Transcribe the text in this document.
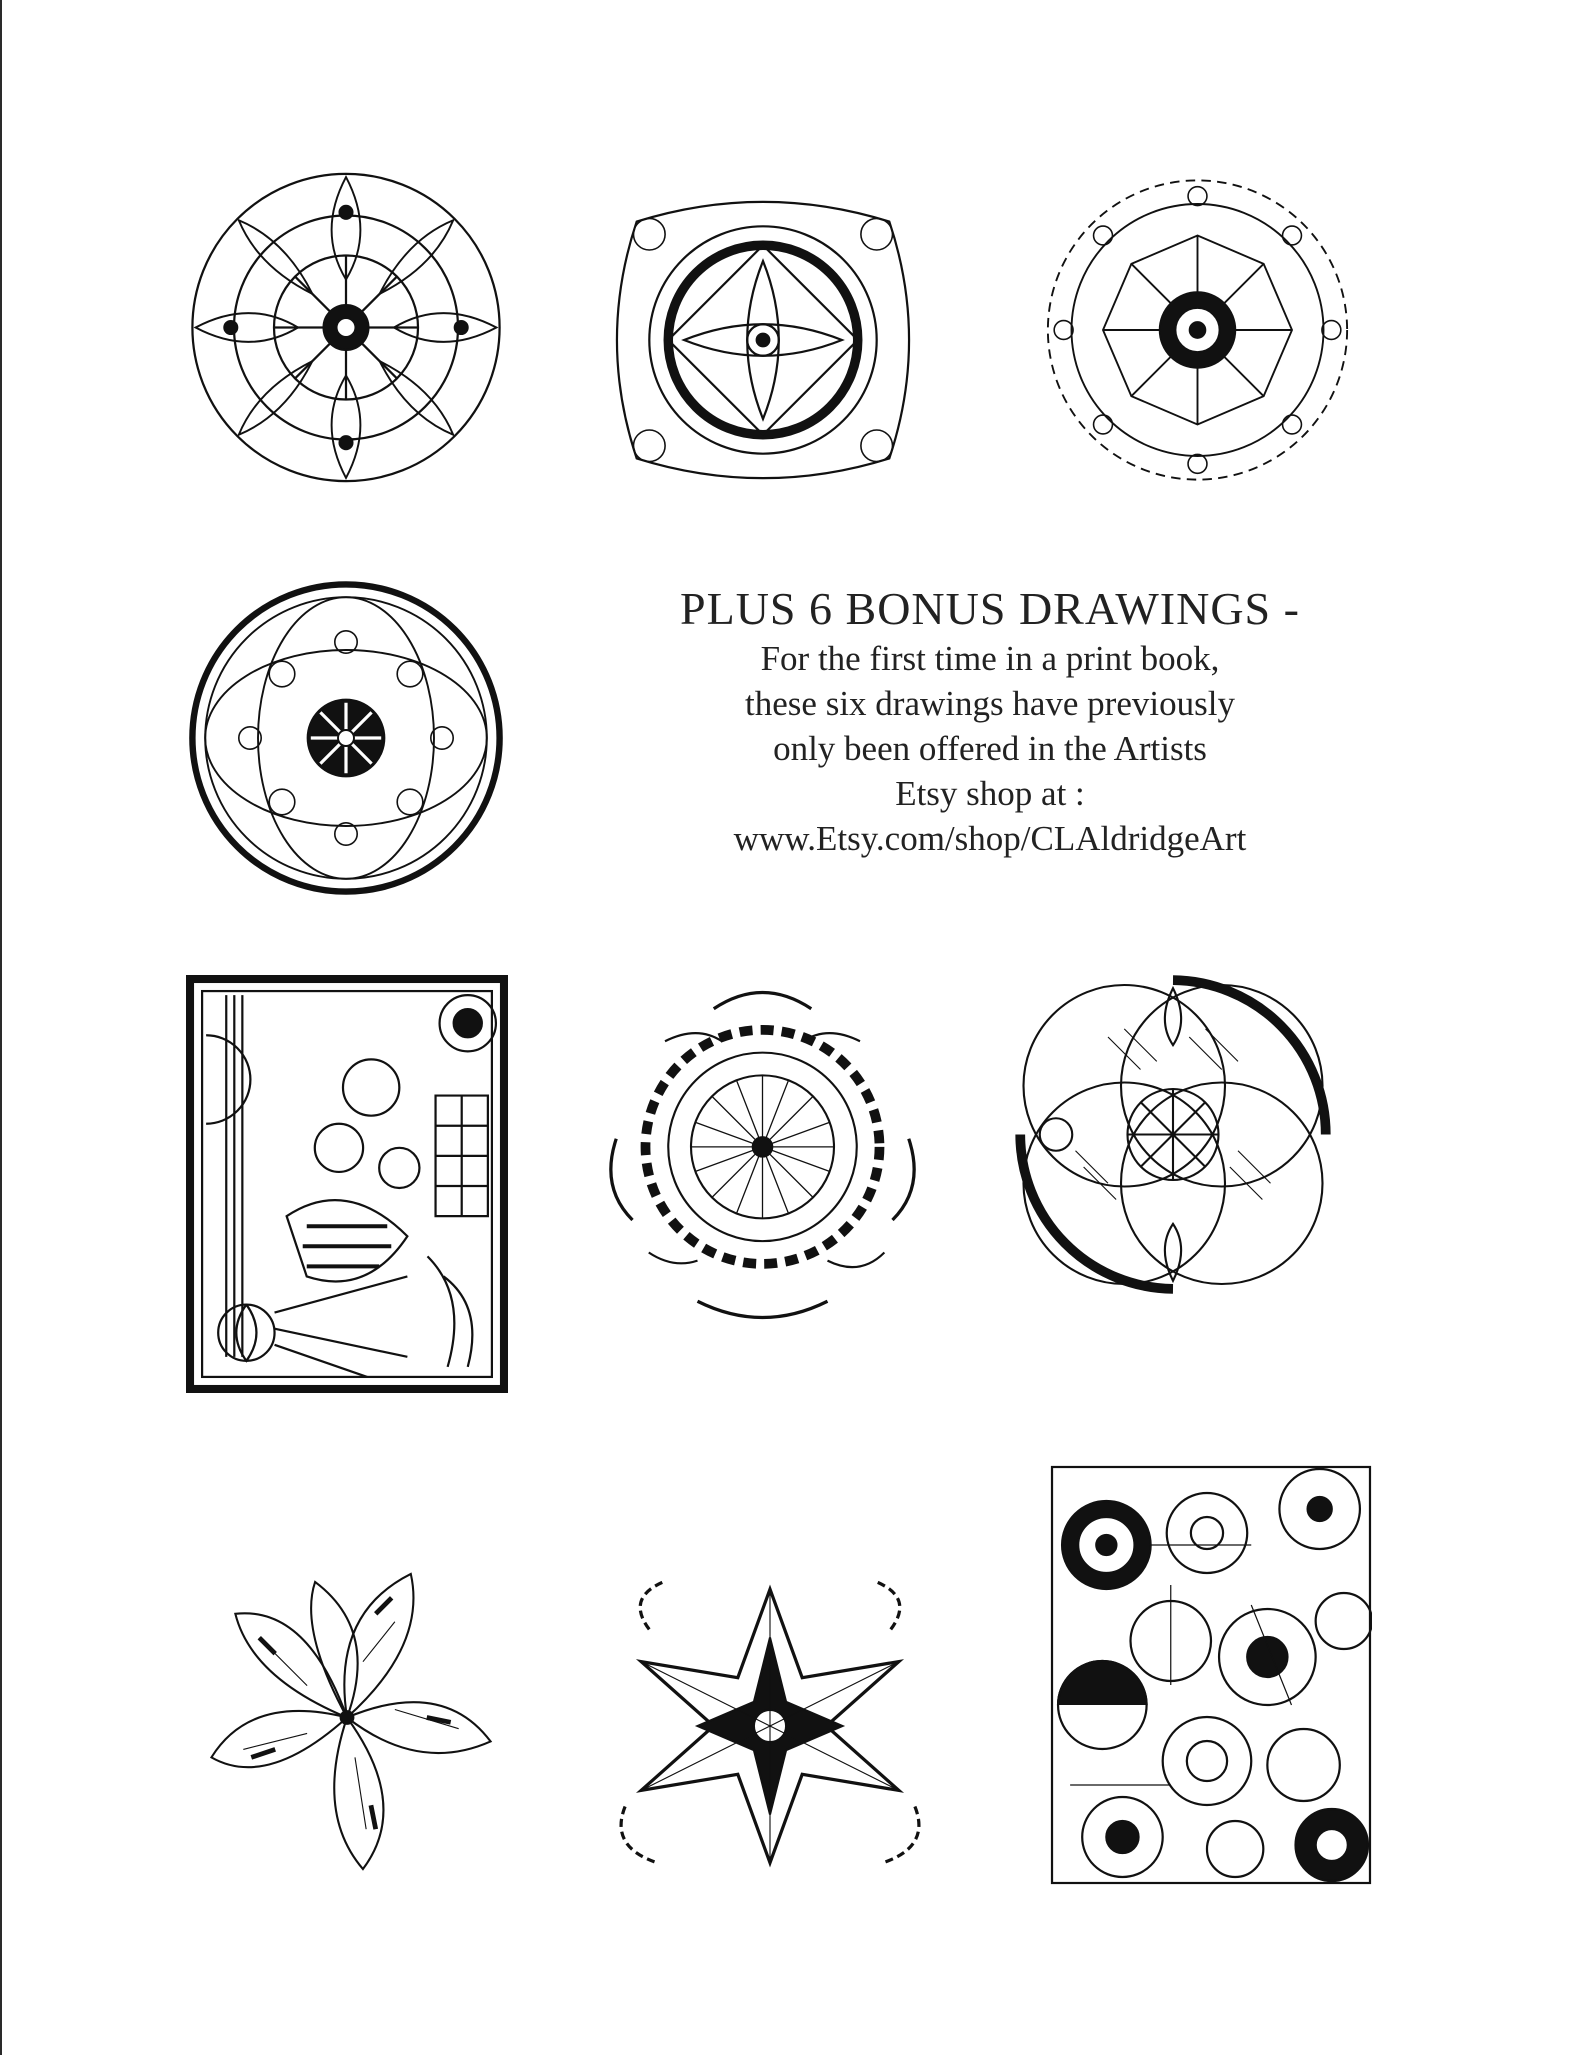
PLUS 6 BONUS DRAWINGS -
For the first time in a print book,
these six drawings have previously
only been offered in the Artists
Etsy shop at :
www.Etsy.com/shop/CLAldridgeArt
